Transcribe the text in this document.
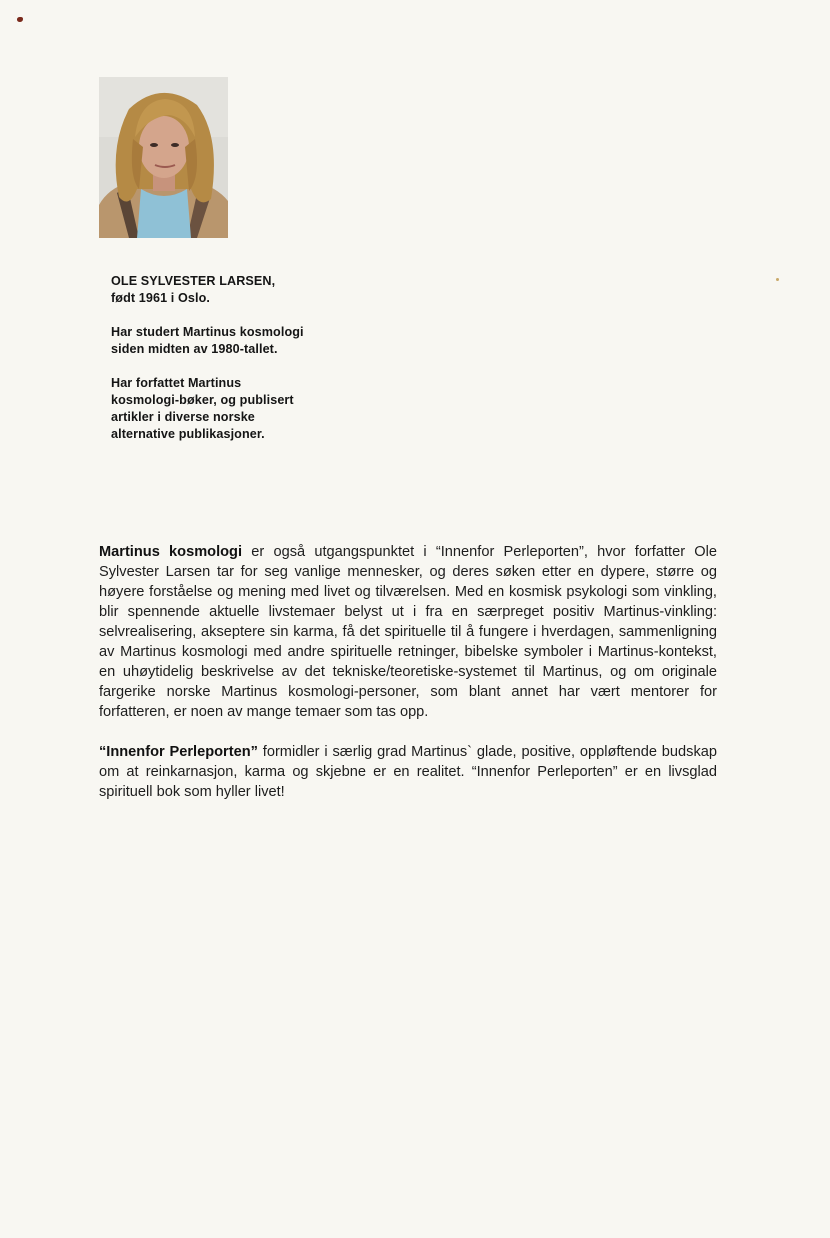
OLE SYLVESTER LARSEN,
født 1961 i Oslo.

Har studert Martinus kosmologi
siden midten av 1980-tallet.

Har forfattet Martinus
kosmologi-bøker, og publisert
artikler i diverse norske
alternative publikasjoner.

Martinus kosmologi er også utgangspunktet i “Innenfor Perleporten”, hvor forfatter Ole Sylvester Larsen tar for seg vanlige mennesker, og deres søken etter en dypere, større og høyere forståelse og mening med livet og tilværelsen. Med en kosmisk psykologi som vinkling, blir spennende aktuelle livstemaer belyst ut i fra en særpreget positiv Martinus-vinkling: selvrealisering, akseptere sin karma, få det spirituelle til å fungere i hverdagen, sammenligning av Martinus kosmologi med andre spirituelle retninger, bibelske symboler i Martinus-kontekst, en uhøytidelig beskrivelse av det tekniske/teoretiske-systemet til Martinus, og om originale fargerike norske Martinus kosmologi-personer, som blant annet har vært mentorer for forfatteren, er noen av mange temaer som tas opp.

“Innenfor Perleporten” formidler i særlig grad Martinus` glade, positive, oppløftende budskap om at reinkarnasjon, karma og skjebne er en realitet. “Innenfor Perleporten” er en livsglad spirituell bok som hyller livet!
